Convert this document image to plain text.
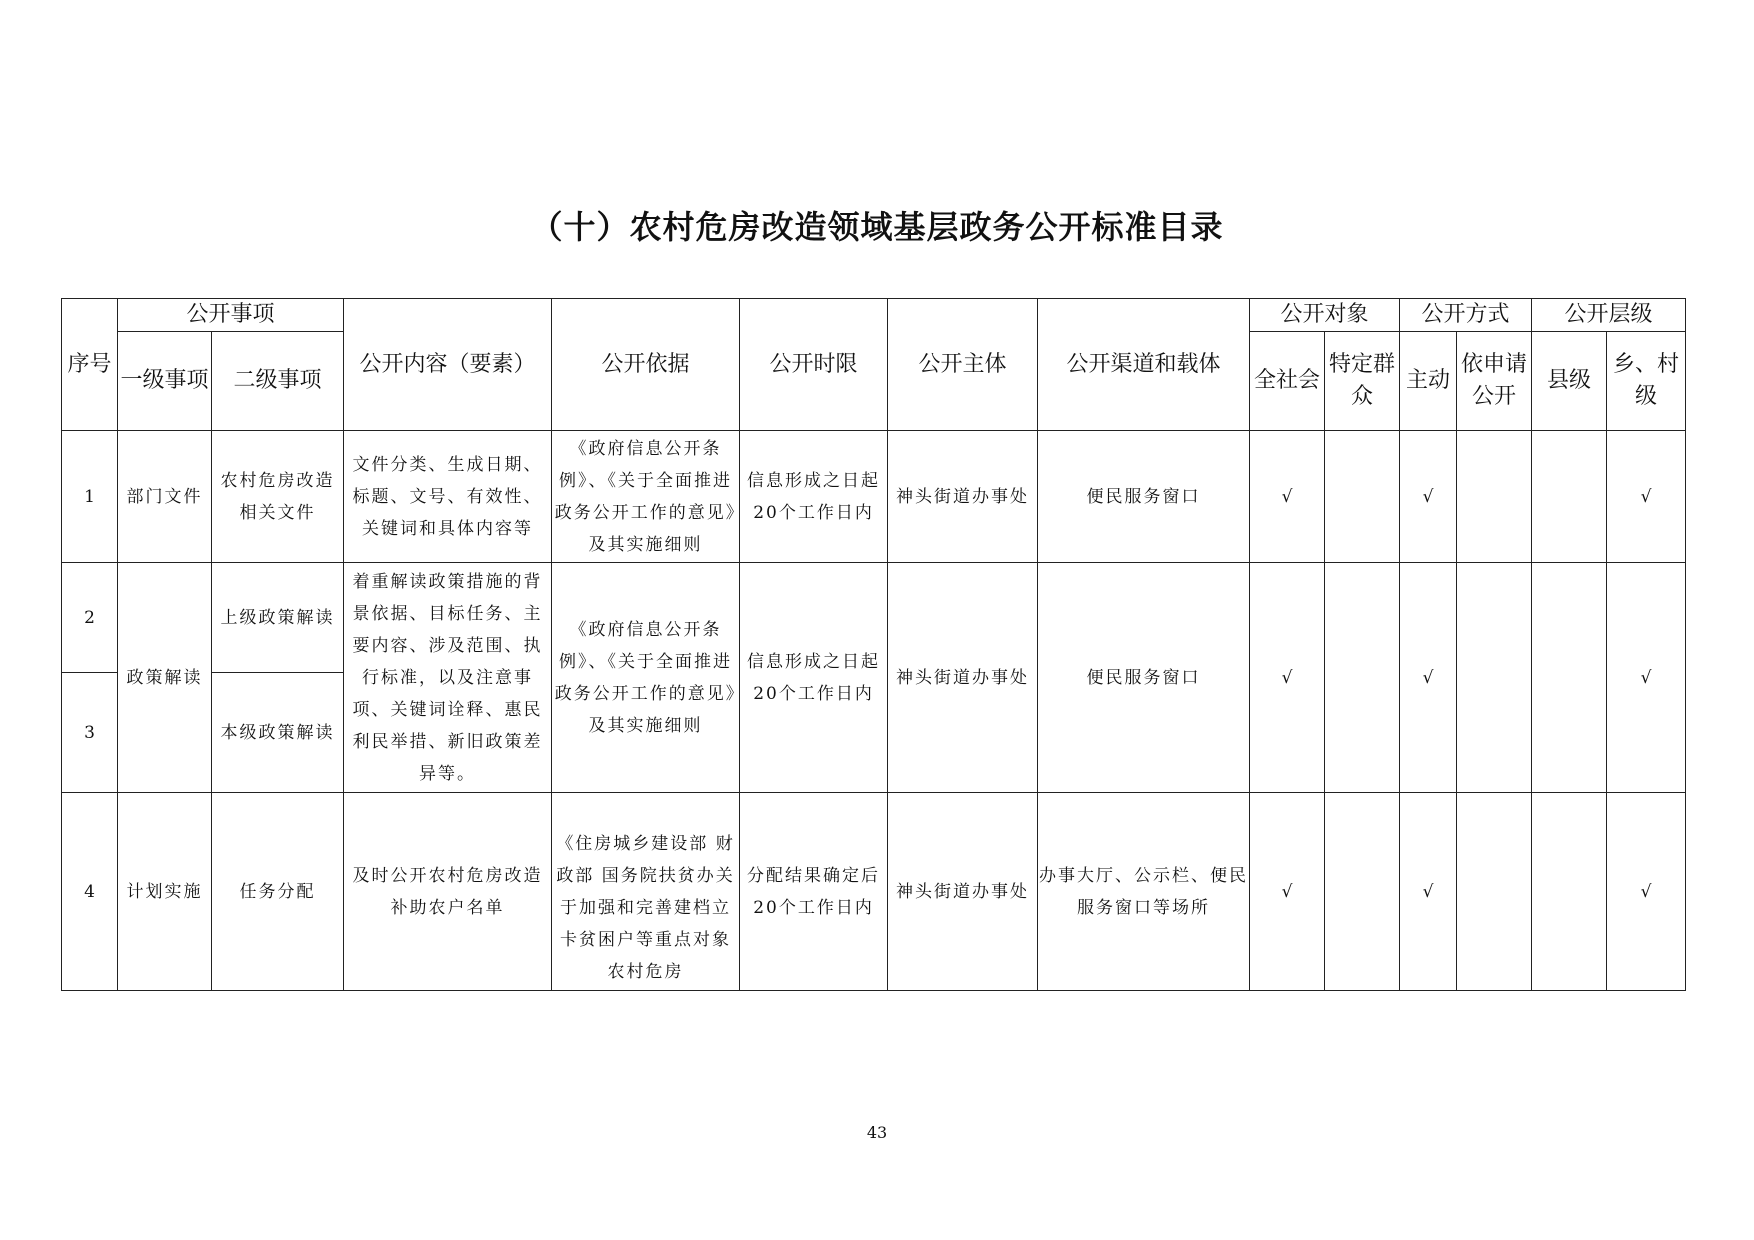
（十）农村危房改造领域基层政务公开标准目录
序号	公开事项		公开内容（要素）	公开依据	公开时限	公开主体	公开渠道和载体	公开对象		公开方式		公开层级	
	一级事项	二级事项						全社会	特定群众	主动	依申请公开	县级	乡、村级
1	部门文件	农村危房改造相关文件	文件分类、生成日期、标题、文号、有效性、关键词和具体内容等	《政府信息公开条例》、《关于全面推进政务公开工作的意见》及其实施细则	信息形成之日起20个工作日内	神头街道办事处	便民服务窗口	√		√			√
2	政策解读	上级政策解读	着重解读政策措施的背景依据、目标任务、主要内容、涉及范围、执行标准，以及注意事项、关键词诠释、惠民利民举措、新旧政策差异等。	《政府信息公开条例》、《关于全面推进政务公开工作的意见》及其实施细则	信息形成之日起20个工作日内	神头街道办事处	便民服务窗口	√		√			√
3		本级政策解读											
4	计划实施	任务分配	及时公开农村危房改造补助农户名单	《住房城乡建设部 财政部 国务院扶贫办关于加强和完善建档立卡贫困户等重点对象农村危房	分配结果确定后20个工作日内	神头街道办事处	办事大厅、公示栏、便民服务窗口等场所	√		√			√
43
